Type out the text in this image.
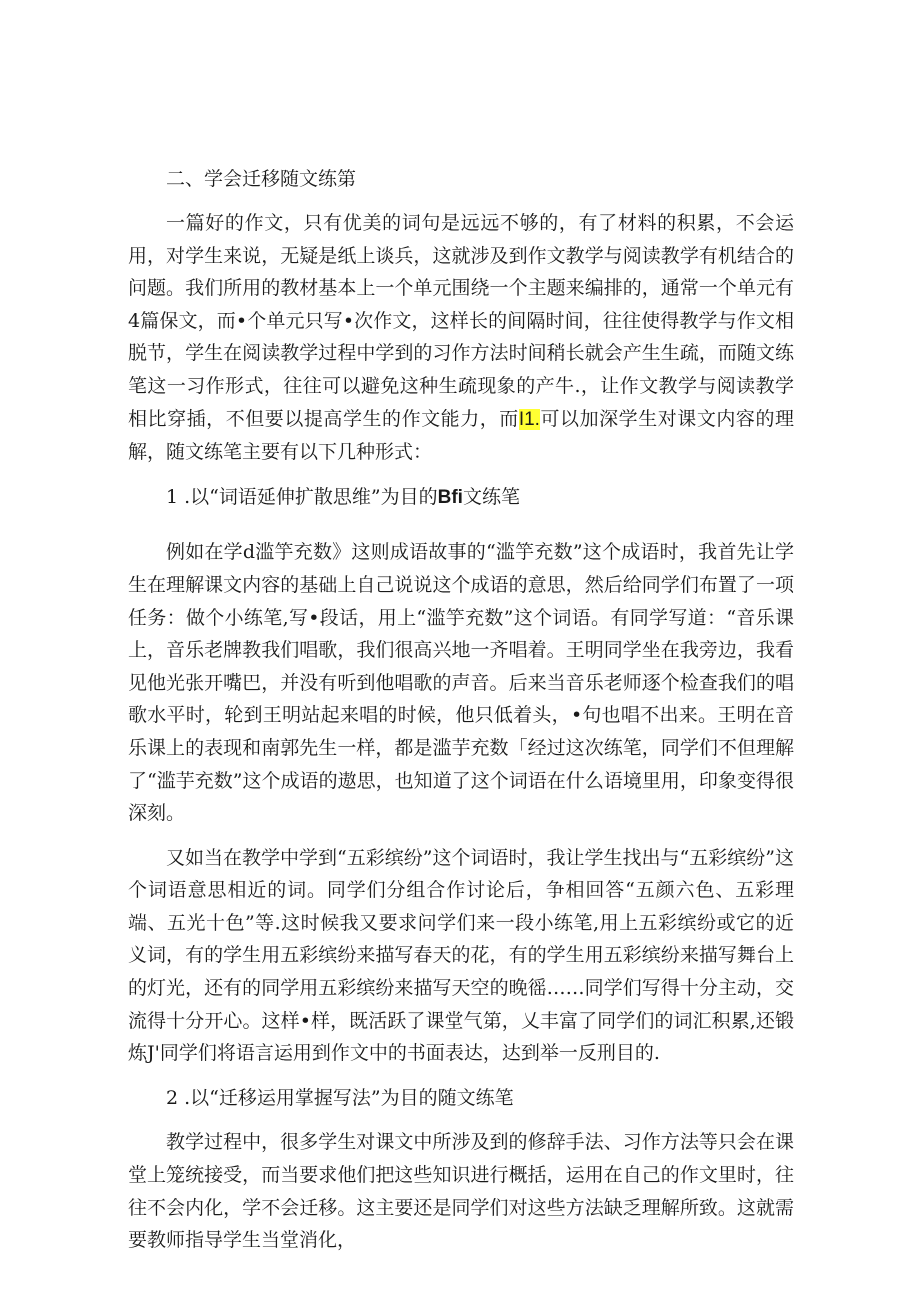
二、学会迁移随文练第

一篇好的作文，只有优美的词句是远远不够的，有了材料的积累，不会运用，对学生来说，无疑是纸上谈兵，这就涉及到作文教学与阅读教学有机结合的问题。我们所用的教材基本上一个单元围绕一个主题来编排的，通常一个单元有4篇保文，而•个单元只写•次作文，这样长的间隔时间，往往使得教学与作文相脱节，学生在阅读教学过程中学到的习作方法时间稍长就会产生生疏，而随文练笔这一习作形式，往往可以避免这种生疏现象的产牛.，让作文教学与阅读教学相比穿插，不但要以提高学生的作文能力，而I1.可以加深学生对课文内容的理解，随文练笔主要有以下几种形式：

1 .以“词语延伸扩散思维”为目的Bfi文练笔

例如在学d滥竽充数》这则成语故事的“滥竽充数”这个成语时，我首先让学生在理解课文内容的基础上自己说说这个成语的意思，然后给同学们布置了一项任务：做个小练笔,写•段话，用上“滥竽充数”这个词语。有同学写道：“音乐课上，音乐老牌教我们唱歌，我们很高兴地一齐唱着。王明同学坐在我旁边，我看见他光张开嘴巴，并没有听到他唱歌的声音。后来当音乐老师逐个检查我们的唱歌水平时，轮到王明站起来唱的时候，他只低着头，•句也唱不出来。王明在音乐课上的表现和南郭先生一样，都是滥芋充数「经过这次练笔，同学们不但理解了“滥芋充数”这个成语的遨思，也知道了这个词语在什么语境里用，印象变得很深刻。

又如当在教学中学到“五彩缤纷”这个词语时，我让学生找出与“五彩缤纷”这个词语意思相近的词。同学们分组合作讨论后，争相回答“五颜六色、五彩理端、五光十色”等.这时候我又要求问学们来一段小练笔,用上五彩缤纷或它的近义词，有的学生用五彩缤纷来描写春天的花，有的学生用五彩缤纷来描写舞台上的灯光，还有的同学用五彩缤纷来描写天空的晚徭……同学们写得十分主动，交流得十分开心。这样•样，既活跃了课堂气第，乂丰富了同学们的词汇积累,还锻炼J'同学们将语言运用到作文中的书面表达，达到举一反刑目的.

2 .以“迁移运用掌握写法”为目的随文练笔

教学过程中，很多学生对课文中所涉及到的修辞手法、习作方法等只会在课堂上笼统接受，而当要求他们把这些知识进行概括，运用在自己的作文里时，往往不会内化，学不会迁移。这主要还是同学们对这些方法缺乏理解所致。这就需要教师指导学生当堂消化，
